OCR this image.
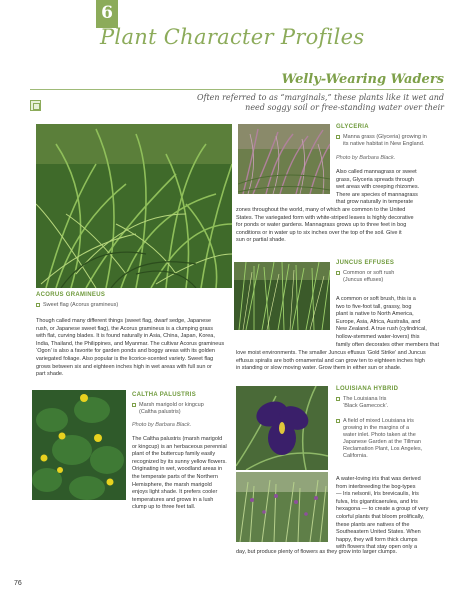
6
Plant Character Profiles
Welly-Wearing Waders
Often referred to as “marginals,” these plants like it wet and need soggy soil or free-standing water over their
GLYCERIA
Manna grass (Glyceria) growing in
its native habitat in New England.
Photo by Barbara Black.
Also called mannagrass or sweet
grass, Glyceria spreads through
wet areas with creeping rhizomes.
There are species of mannagrass
that grow naturally in temperate
zones throughout the world, many of which are common to the United
States. The variegated form with white-striped leaves is highly decorative
for ponds or water gardens. Mannagrass grows up to three feet in bog
conditions or in water up to six inches over the top of the soil. Give it
sun or partial shade.
JUNCUS EFFUSES
Common or soft rush
(Juncus effuses)
A common or soft brush, this is a
two to five-foot tall, grassy, bog
plant is native to North America,
Europe, Asia, Africa, Australia, and
New Zealand. A true rush (cylindrical,
hollow-stemmed water-lovers) this
family often decorates other members that
love moist environments. The smaller Juncus effusus ‘Gold Strike’ and Juncus
effusus spiralis are both ornamental and can grow ten to eighteen inches high
in standing or slow moving water. Grow them in either sun or shade.
ACORUS GRAMINEUS
Sweet flag (Acorus gramineus)
Though called many different things (sweet flag, dwarf sedge, Japanese
rush, or Japanese sweet flag), the Acorus gramineus is a clumping grass
with flat, curving blades. It is found naturally in Asia, China, Japan, Korea,
India, Thailand, the Philippines, and Myanmar. The cultivar Acorus gramineus
‘Ogon’ is also a favorite for garden ponds and boggy areas with its golden
variegated foliage. Also popular is the licorice-scented variety. Sweet flag
grows between six and eighteen inches high in wet areas with full sun or
part shade.
CALTHA PALUSTRIS
Marsh marigold or kingcup
(Caltha palustris)
Photo by Barbara Black.
The Caltha palustris (marsh marigold
or kingcup) is an herbaceous perennial
plant of the buttercup family easily
recognized by its sunny yellow flowers.
Originating in wet, woodland areas in
the temperate parts of the Northern
Hemisphere, the marsh marigold
enjoys light shade. It prefers cooler
temperatures and grows in a lush
clump up to three feet tall.
LOUISIANA HYBRID
The Louisiana Iris
‘Black Gamecock’.
A field of mixed Louisiana iris
growing in the margins of a
water inlet. Photo taken at the
Japanese Garden at the Tillman
Reclamation Plant, Los Angeles,
California.
A water-loving iris that was derived
from interbreeding the bog-types
— Iris nelsonii, Iris brevicaulis, Iris
fulva, Iris giganticaerulea, and Iris
hexagona — to create a group of very
colorful plants that bloom prolifically,
these plants are natives of the
Southeastern United States. When
happy, they will form thick clumps
with flowers that stay open only a
day, but produce plenty of flowers as they grow into larger clumps.
76
